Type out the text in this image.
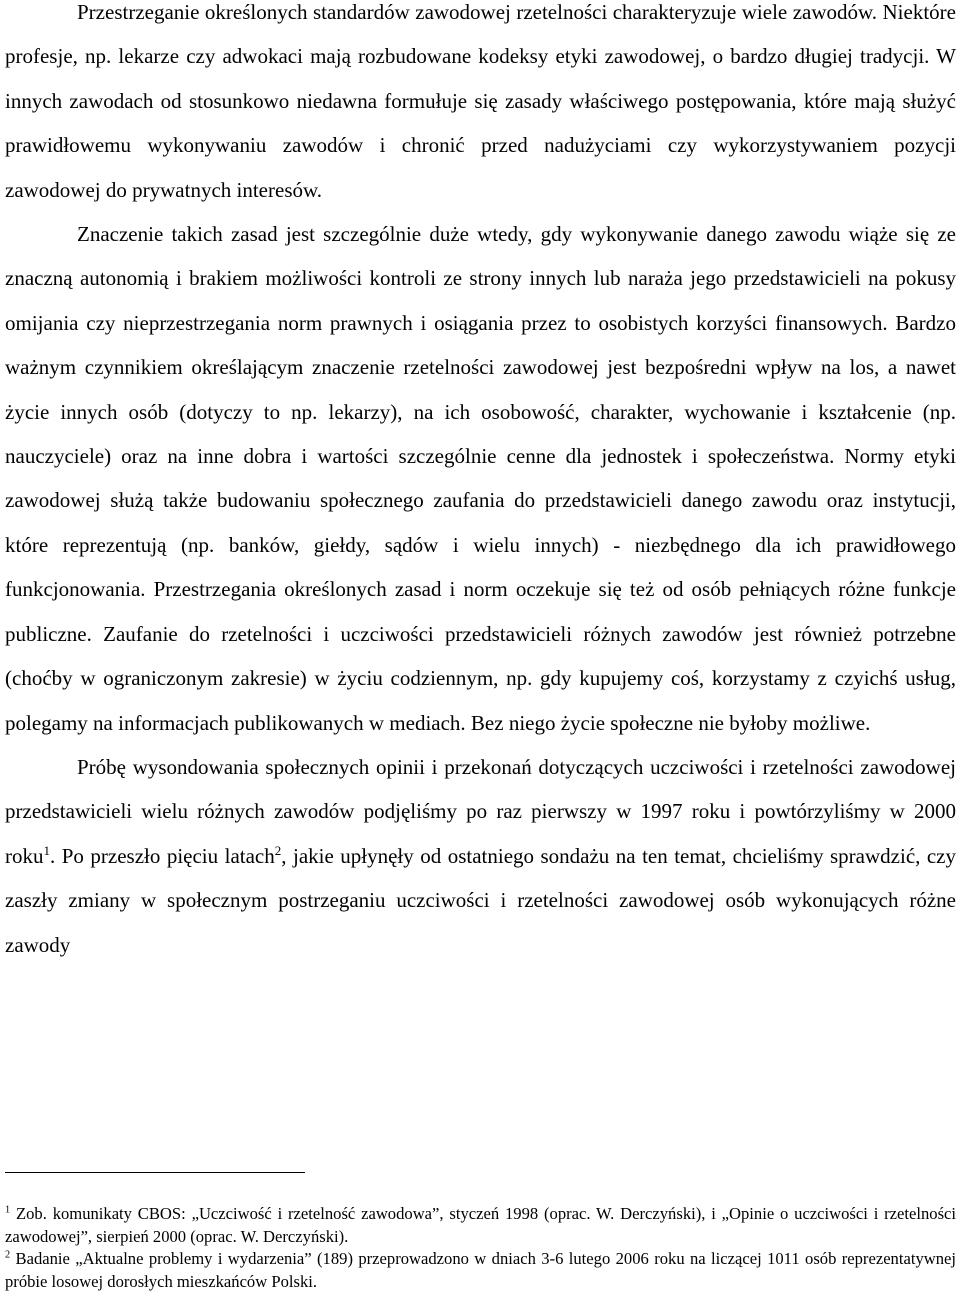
Przestrzeganie określonych standardów zawodowej rzetelności charakteryzuje wiele zawodów. Niektóre profesje, np. lekarze czy adwokaci mają rozbudowane kodeksy etyki zawodowej, o bardzo długiej tradycji. W innych zawodach od stosunkowo niedawna formułuje się zasady właściwego postępowania, które mają służyć prawidłowemu wykonywaniu zawodów i chronić przed nadużyciami czy wykorzystywaniem pozycji zawodowej do prywatnych interesów.

Znaczenie takich zasad jest szczególnie duże wtedy, gdy wykonywanie danego zawodu wiąże się ze znaczną autonomią i brakiem możliwości kontroli ze strony innych lub naraża jego przedstawicieli na pokusy omijania czy nieprzestrzegania norm prawnych i osiągania przez to osobistych korzyści finansowych. Bardzo ważnym czynnikiem określającym znaczenie rzetelności zawodowej jest bezpośredni wpływ na los, a nawet życie innych osób (dotyczy to np. lekarzy), na ich osobowość, charakter, wychowanie i kształcenie (np. nauczyciele) oraz na inne dobra i wartości szczególnie cenne dla jednostek i społeczeństwa. Normy etyki zawodowej służą także budowaniu społecznego zaufania do przedstawicieli danego zawodu oraz instytucji, które reprezentują (np. banków, giełdy, sądów i wielu innych) - niezbędnego dla ich prawidłowego funkcjonowania. Przestrzegania określonych zasad i norm oczekuje się też od osób pełniących różne funkcje publiczne. Zaufanie do rzetelności i uczciwości przedstawicieli różnych zawodów jest również potrzebne (choćby w ograniczonym zakresie) w życiu codziennym, np. gdy kupujemy coś, korzystamy z czyichś usług, polegamy na informacjach publikowanych w mediach. Bez niego życie społeczne nie byłoby możliwe.

Próbę wysondowania społecznych opinii i przekonań dotyczących uczciwości i rzetelności zawodowej przedstawicieli wielu różnych zawodów podjęliśmy po raz pierwszy w 1997 roku i powtórzyliśmy w 2000 roku$^1$. Po przeszło pięciu latach$^2$, jakie upłynęły od ostatniego sondażu na ten temat, chcieliśmy sprawdzić, czy zaszły zmiany w społecznym postrzeganiu uczciwości i rzetelności zawodowej osób wykonujących różne zawody

$^1$ Zob. komunikaty CBOS: „Uczciwość i rzetelność zawodowa”, styczeń 1998 (oprac. W. Derczyński), i „Opinie o uczciwości i rzetelności zawodowej”, sierpień 2000 (oprac. W. Derczyński).

$^2$ Badanie „Aktualne problemy i wydarzenia” (189) przeprowadzono w dniach 3-6 lutego 2006 roku na liczącej 1011 osób reprezentatywnej próbie losowej dorosłych mieszkańców Polski.
